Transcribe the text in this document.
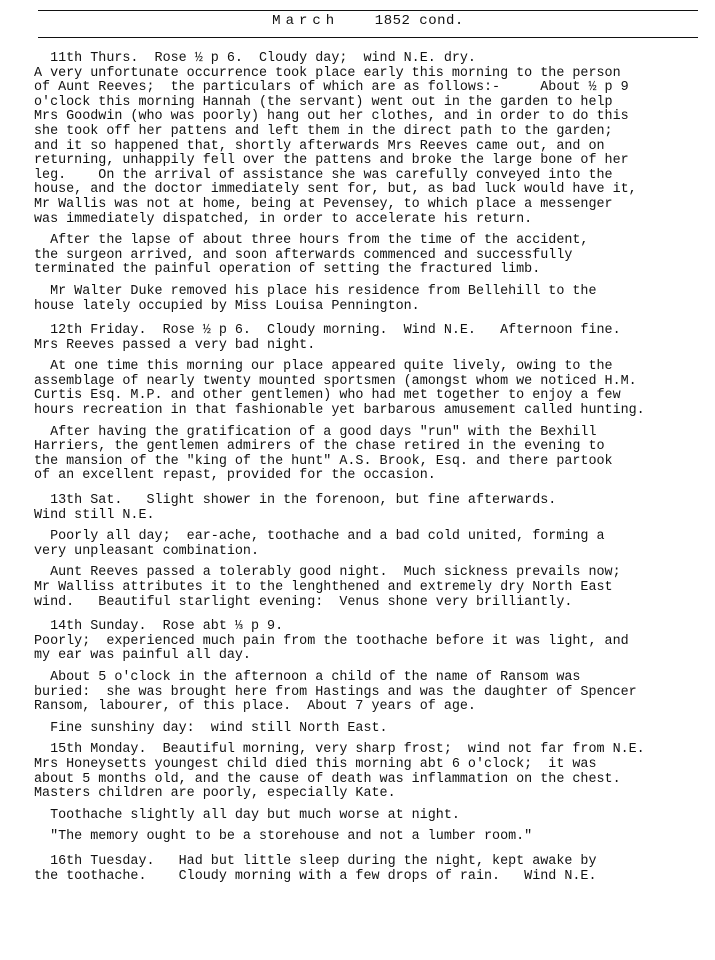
March	1852 cond.
11th Thurs.  Rose ½ p 6.  Cloudy day;  wind N.E. dry.
A very unfortunate occurrence took place early this morning to the person
of Aunt Reeves;  the particulars of which are as follows:-     About ½ p 9
o'clock this morning Hannah (the servant) went out in the garden to help
Mrs Goodwin (who was poorly) hang out her clothes, and in order to do this
she took off her pattens and left them in the direct path to the garden;
and it so happened that, shortly afterwards Mrs Reeves came out, and on
returning, unhappily fell over the pattens and broke the large bone of her
leg.    On the arrival of assistance she was carefully conveyed into the
house, and the doctor immediately sent for, but, as bad luck would have it,
Mr Wallis was not at home, being at Pevensey, to which place a messenger
was immediately dispatched, in order to accelerate his return.
After the lapse of about three hours from the time of the accident,
the surgeon arrived, and soon afterwards commenced and successfully
terminated the painful operation of setting the fractured limb.
Mr Walter Duke removed his place his residence from Bellehill to the
house lately occupied by Miss Louisa Pennington.
12th Friday.  Rose ½ p 6.  Cloudy morning.  Wind N.E.   Afternoon fine.
Mrs Reeves passed a very bad night.
At one time this morning our place appeared quite lively, owing to the
assemblage of nearly twenty mounted sportsmen (amongst whom we noticed H.M.
Curtis Esq. M.P. and other gentlemen) who had met together to enjoy a few
hours recreation in that fashionable yet barbarous amusement called hunting.
After having the gratification of a good days "run" with the Bexhill
Harriers, the gentlemen admirers of the chase retired in the evening to
the mansion of the "king of the hunt" A.S. Brook, Esq. and there partook
of an excellent repast, provided for the occasion.
13th Sat.   Slight shower in the forenoon, but fine afterwards.
Wind still N.E.
Poorly all day;  ear-ache, toothache and a bad cold united, forming a
very unpleasant combination.
Aunt Reeves passed a tolerably good night.  Much sickness prevails now;
Mr Walliss attributes it to the lenghthened and extremely dry North East
wind.   Beautiful starlight evening:  Venus shone very brilliantly.
14th Sunday.  Rose abt ⅓ p 9.
Poorly;  experienced much pain from the toothache before it was light, and
my ear was painful all day.
About 5 o'clock in the afternoon a child of the name of Ransom was
buried:  she was brought here from Hastings and was the daughter of Spencer
Ransom, labourer, of this place.  About 7 years of age.
Fine sunshiny day:  wind still North East.
15th Monday.  Beautiful morning, very sharp frost;  wind not far from N.E.
Mrs Honeysetts youngest child died this morning abt 6 o'clock;  it was
about 5 months old, and the cause of death was inflammation on the chest.
Masters children are poorly, especially Kate.
Toothache slightly all day but much worse at night.
"The memory ought to be a storehouse and not a lumber room."
16th Tuesday.   Had but little sleep during the night, kept awake by
the toothache.    Cloudy morning with a few drops of rain.   Wind N.E.
